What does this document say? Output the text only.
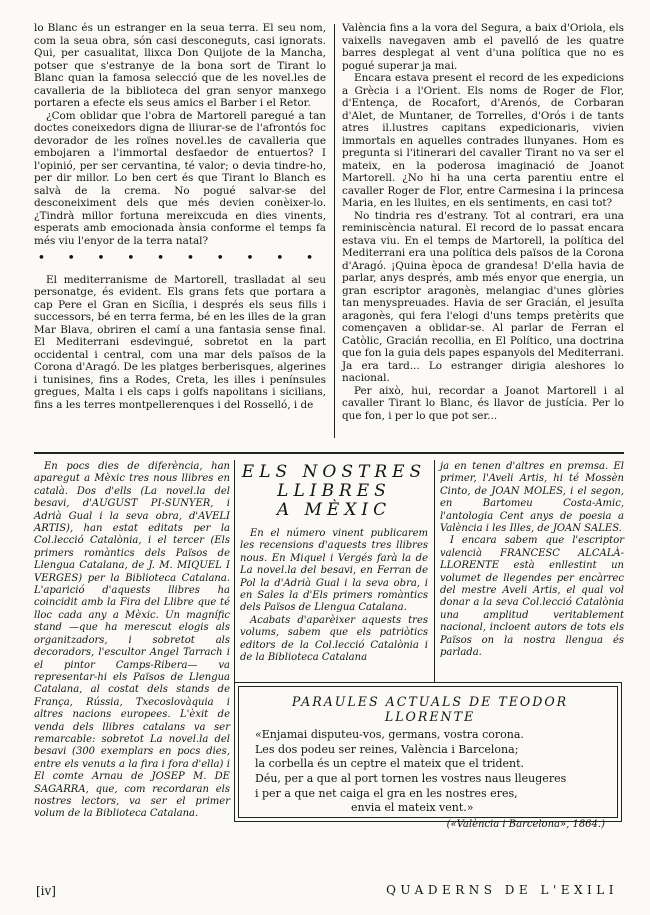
lo Blanc és un estranger en la seua terra. El seu nom, com la seua obra, són casi desconeguts, casi ignorats. Qui, per casualitat, llixca Don Quijote de la Mancha, potser que s'estranye de la bona sort de Tirant lo Blanc quan la famosa selecció que de les novel.les de cavalleria de la biblioteca del gran senyor manxego portaren a efecte els seus amics el Barber i el Retor.

¿Com oblidar que l'obra de Martorell paregué a tan doctes coneixedors digna de lliurar-se de l'afrontós foc devorador de les roïnes novel.les de cavalleria que embojaren a l'immortal desfaedor de entuertos? I l'opinió, per ser cervantina, té valor; o devia tindre-ho, per dir millor. Lo ben cert és que Tirant lo Blanch es salvà de la crema. No pogué salvar-se del desconeiximent dels que més devien conèixer-lo. ¿Tindrà millor fortuna mereixcuda en dies vinents, esperats amb emocionada ànsia conforme el temps fa més viu l'enyor de la terra natal?

• • • • • • • • • •

El mediterranisme de Martorell, traslladat al seu personatge, és evident. Els grans fets que portara a cap Pere el Gran en Sicília, i després els seus fills i successors, bé en terra ferma, bé en les illes de la gran Mar Blava, obriren el camí a una fantasia sense final. El Mediterrani esdevingué, sobretot en la part occidental i central, com una mar dels països de la Corona d'Aragó. De les platges berberisques, algerines i tunisines, fins a Rodes, Creta, les illes i penínsules gregues, Malta i els caps i golfs napolitans i sicilians, fins a les terres montpellerenques i del Rosselló, i de

València fins a la vora del Segura, a baix d'Oriola, els vaixells navegaven amb el pavelló de les quatre barres desplegat al vent d'una política que no es pogué superar ja mai.

Encara estava present el record de les expedicions a Grècia i a l'Orient. Els noms de Roger de Flor, d'Entença, de Rocafort, d'Arenós, de Corbaran d'Alet, de Muntaner, de Torrelles, d'Orós i de tants atres il.lustres capitans expedicionaris, vivien immortals en aquelles contrades llunyanes. Hom es pregunta si l'itinerari del cavaller Tirant no va ser el mateix, en la poderosa imaginació de Joanot Martorell. ¿No hi ha una certa parentiu entre el cavaller Roger de Flor, entre Carmesina i la princesa Maria, en les lluites, en els sentiments, en casi tot?

No tindria res d'estrany. Tot al contrari, era una reminiscència natural. El record de lo passat encara estava viu. En el temps de Martorell, la política del Mediterrani era una política dels països de la Corona d'Aragó. ¡Quina època de grandesa! D'ella havia de parlar, anys després, amb més enyor que energia, un gran escriptor aragonès, melangiac d'unes glòries tan menyspreuades. Havia de ser Gracián, el jesuïta aragonès, qui fera l'elogi d'uns temps pretèrits que començaven a oblidar-se. Al parlar de Ferran el Catòlic, Gracián recollia, en El Político, una doctrina que fon la guia dels papes espanyols del Mediterrani. Ja era tard... Lo estranger dirigia aleshores lo nacional.

Per això, hui, recordar a Joanot Martorell i al cavaller Tirant lo Blanc, és llavor de justícia. Per lo que fon, i per lo que pot ser...

En pocs dies de diferència, han aparegut a Mèxic tres nous llibres en català. Dos d'ells (La novel.la del besavi, d'AUGUST PI-SUNYER, i Adrià Gual i la seva obra, d'AVELI ARTIS), han estat editats per la Col.lecció Catalònia, i el tercer (Els primers romàntics dels Països de Llengua Catalana, de J. M. MIQUEL I VERGES) per la Biblioteca Catalana. L'aparició d'aquests llibres ha coincidit amb la Fira del Llibre que té lloc cada any a Mèxic. Un magnífic stand —que ha merescut elogis als organitzadors, i sobretot als decoradors, l'escultor Angel Tarrach i el pintor Camps-Ribera— va representar-hi els Països de Llengua Catalana, al costat dels stands de França, Rússia, Txecoslovàquia i altres nacions europees. L'èxit de venda dels llibres catalans va ser remarcable: sobretot La novel.la del besavi (300 exemplars en pocs dies, entre els venuts a la fira i fora d'ella) i El comte Arnau de JOSEP M. DE SAGARRA, que, com recordaran els nostres lectors, va ser el primer volum de la Biblioteca Catalana.

ELS NOSTRES
LLIBRES
A MÈXIC

En el número vinent publicarem les recensions d'aquests tres llibres nous. En Miquel i Vergés farà la de La novel.la del besavi, en Ferran de Pol la d'Adrià Gual i la seva obra, i en Sales la d'Els primers romàntics dels Països de Llengua Catalana.

Acabats d'aparèixer aquests tres volums, sabem que els patriòtics editors de la Col.lecció Catalònia i de la Biblioteca Catalana

ja en tenen d'altres en premsa. El primer, l'Aveli Artis, hi té Mossèn Cinto, de JOAN MOLES, i el segon, en Bartomeu Costa-Amic, l'antologia Cent anys de poesia a València i les Illes, de JOAN SALES.

I encara sabem que l'escriptor valencià FRANCESC ALCALÀ-LLORENTE està enllestint un volumet de llegendes per encàrrec del mestre Aveli Artis, el qual vol donar a la seva Col.lecció Catalònia una amplitud veritablement nacional, incloent autors de tots els Països on la nostra llengua és parlada.

PARAULES ACTUALS DE TEODOR LLORENTE
«Enjamai disputeu-vos, germans, vostra corona.
Les dos podeu ser reines, València i Barcelona;
la corbella és un ceptre el mateix que el trident.
Déu, per a que al port tornen les vostres naus lleugeres
i per a que net caiga el gra en les nostres eres,
envia el mateix vent.»
(«València i Barcelona», 1864.)
[iv]	QUADERNS DE L'EXILI
